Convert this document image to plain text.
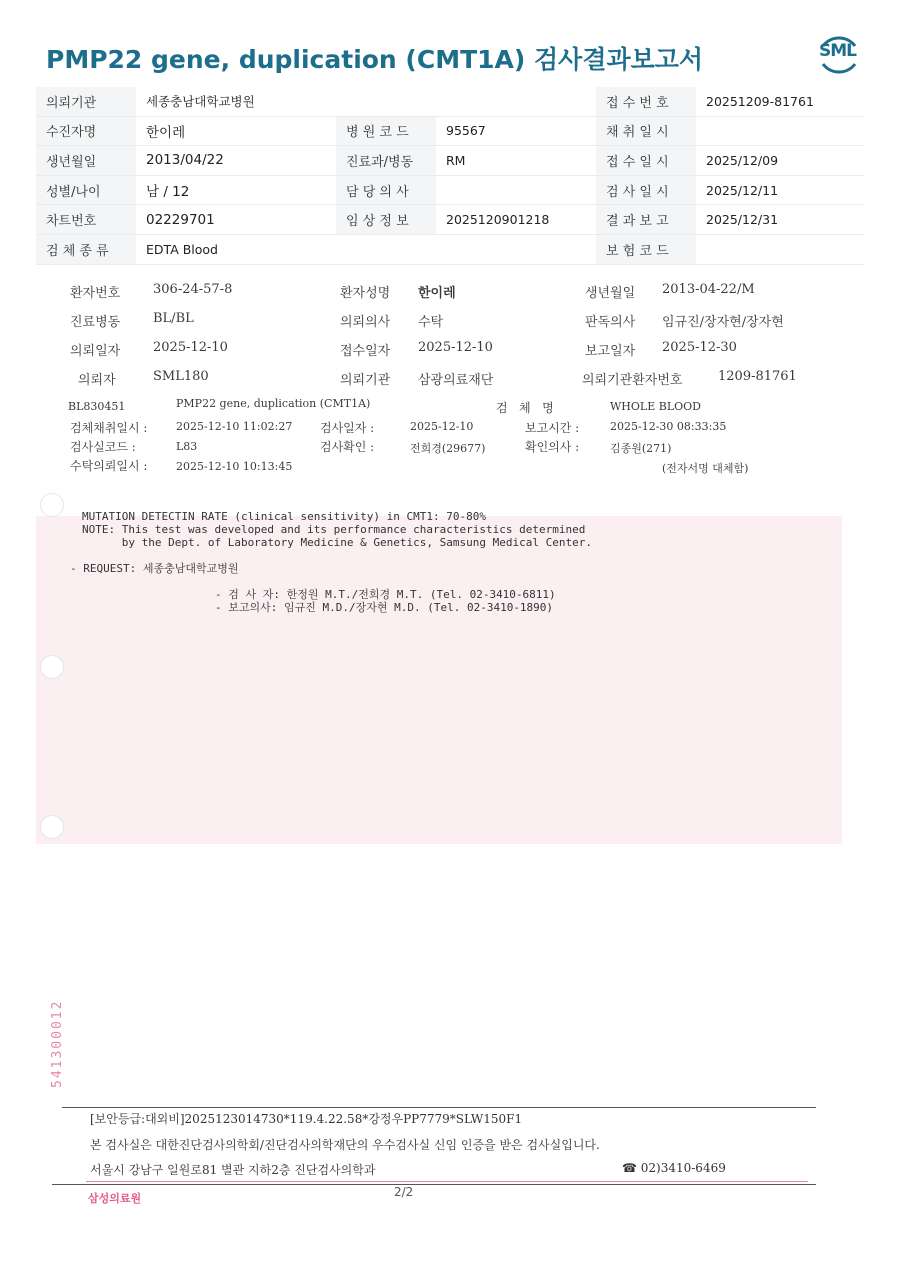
PMP22 gene, duplication (CMT1A) 검사결과보고서	SML
의뢰기관	세종충남대학교병원			접 수 번 호	20251209-81761
수진자명	한이레	병 원 코 드	95567	채 취 일 시	
생년월일	2013/04/22	진료과/병동	RM	접 수 일 시	2025/12/09
성별/나이	남 / 12	담 당 의 사		검 사 일 시	2025/12/11
차트번호	02229701	임 상 정 보	2025120901218	결 과 보 고	2025/12/31
검 체 종 류	EDTA Blood			보 험 코 드	
환자번호	306-24-57-8	환자성명 한이레	생년월일 2013-04-22/M
진료병동	BL/BL	의뢰의사 수탁	판독의사 임규진/장자현/장자현
의뢰일자	2025-12-10	접수일자 2025-12-10	보고일자 2025-12-30
의뢰자	SML180	의뢰기관 삼광의료재단	의뢰기관환자번호	1209-81761
BL830451	PMP22 gene, duplication (CMT1A)	검   체   명	WHOLE BLOOD
검체채취일시 :	2025-12-10 11:02:27 검사일자 :	2025-12-10	보고시간 :	2025-12-30 08:33:35
검사실코드 :	L83	검사확인 :	전희경(29677)	확인의사 :	김종원(271)
수탁의뢰일시 :	2025-12-10 10:13:45	(전자서명 대체함)
MUTATION DETECTIN RATE (clinical sensitivity) in CMT1: 70-80%
NOTE: This test was developed and its performance characteristics determined
by the Dept. of Laboratory Medicine & Genetics, Samsung Medical Center.
- REQUEST: 세종충남대학교병원
- 검 사 자: 한정원 M.T./전희경 M.T. (Tel. 02-3410-6811)
- 보고의사: 임규진 M.D./장자현 M.D. (Tel. 02-3410-1890)
541300012
[보안등급:대외비]2025123014730*119.4.22.58*강정우PP7779*SLW150F1
본 검사실은 대한진단검사의학회/진단검사의학재단의 우수검사실 신임 인증을 받은 검사실입니다.
서울시 강남구 일원로81 별관 지하2층 진단검사의학과	☎ 02)3410-6469
삼성의료원	2/2
